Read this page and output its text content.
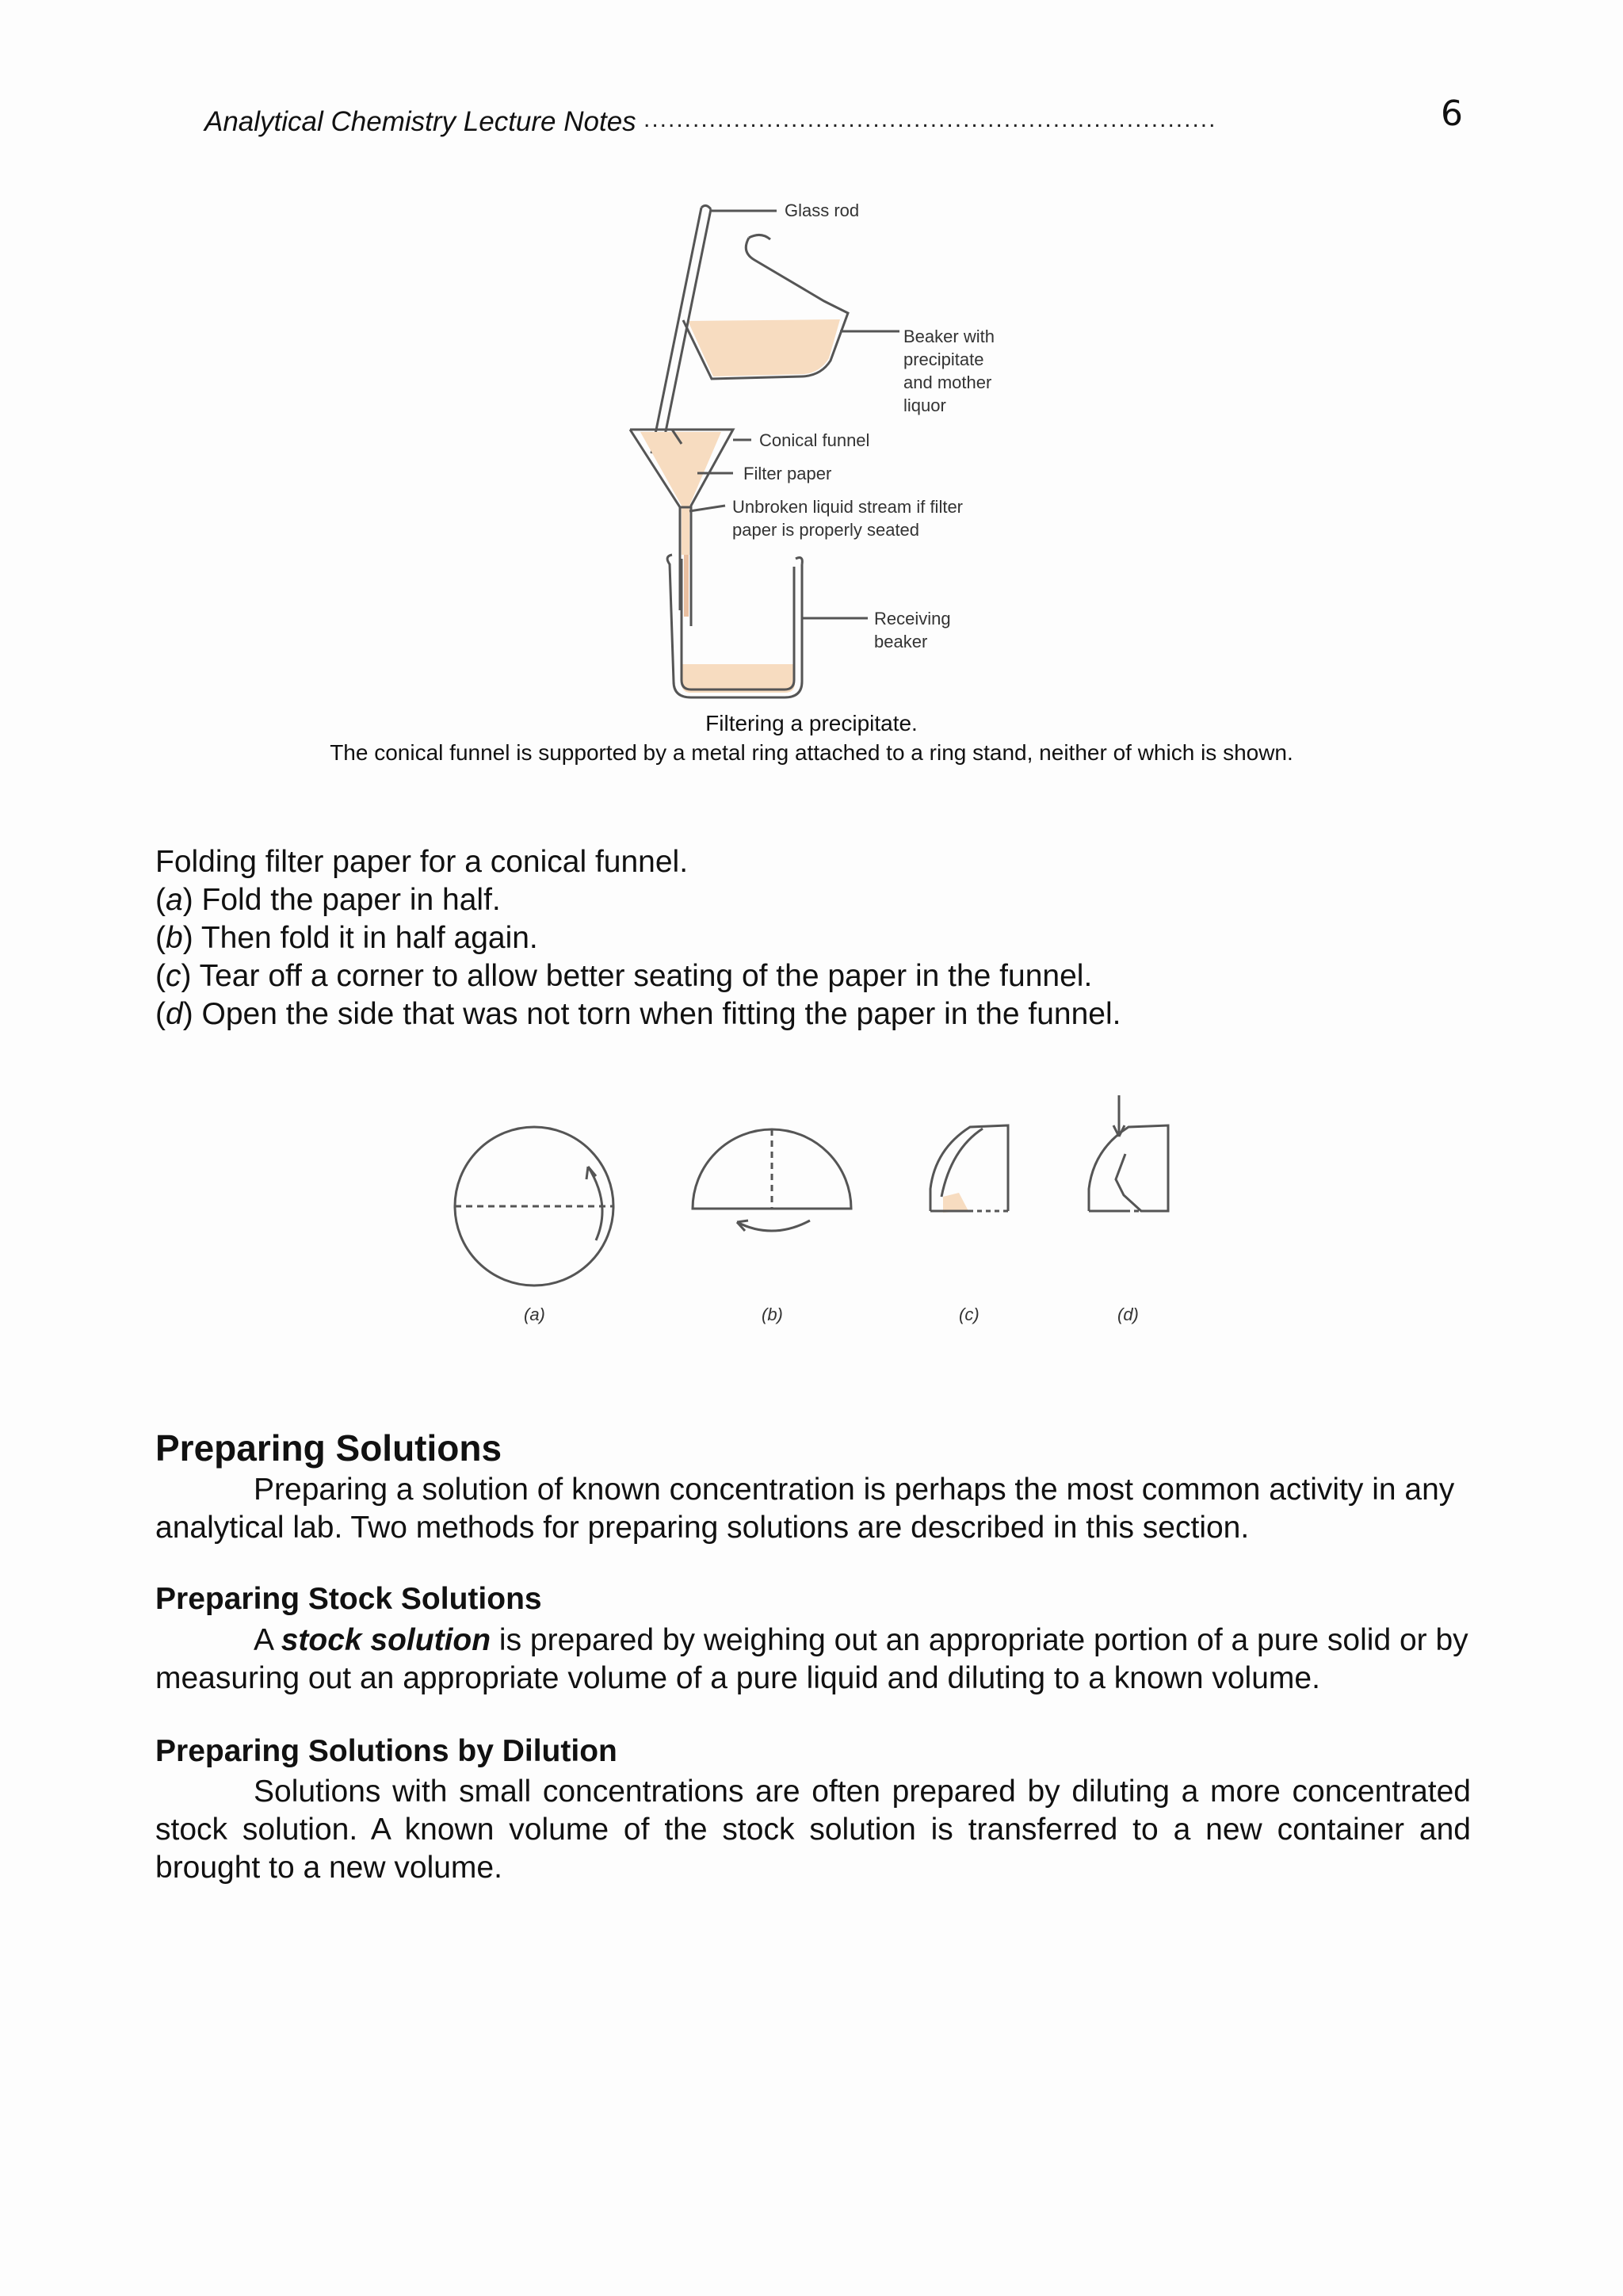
Analytical Chemistry Lecture Notes ......................................................................	6
Glass rod
Beaker with
precipitate
and mother
liquor
Conical funnel
Filter paper
Unbroken liquid stream if filter
paper is properly seated
Receiving
beaker
Filtering a precipitate.
The conical funnel is supported by a metal ring attached to a ring stand, neither of which is shown.
Folding filter paper for a conical funnel.
(a) Fold the paper in half.
(b) Then fold it in half again.
(c) Tear off a corner to allow better seating of the paper in the funnel.
(d) Open the side that was not torn when fitting the paper in the funnel.
(a)	(b)	(c)	(d)
Preparing Solutions
Preparing a solution of known concentration is perhaps the most common activity in any analytical lab. Two methods for preparing solutions are described in this section.
Preparing Stock Solutions
A stock solution is prepared by weighing out an appropriate portion of a pure solid or by measuring out an appropriate volume of a pure liquid and diluting to a known volume.
Preparing Solutions by Dilution
Solutions with small concentrations are often prepared by diluting a more concentrated stock solution. A known volume of the stock solution is transferred to a new container and brought to a new volume.
